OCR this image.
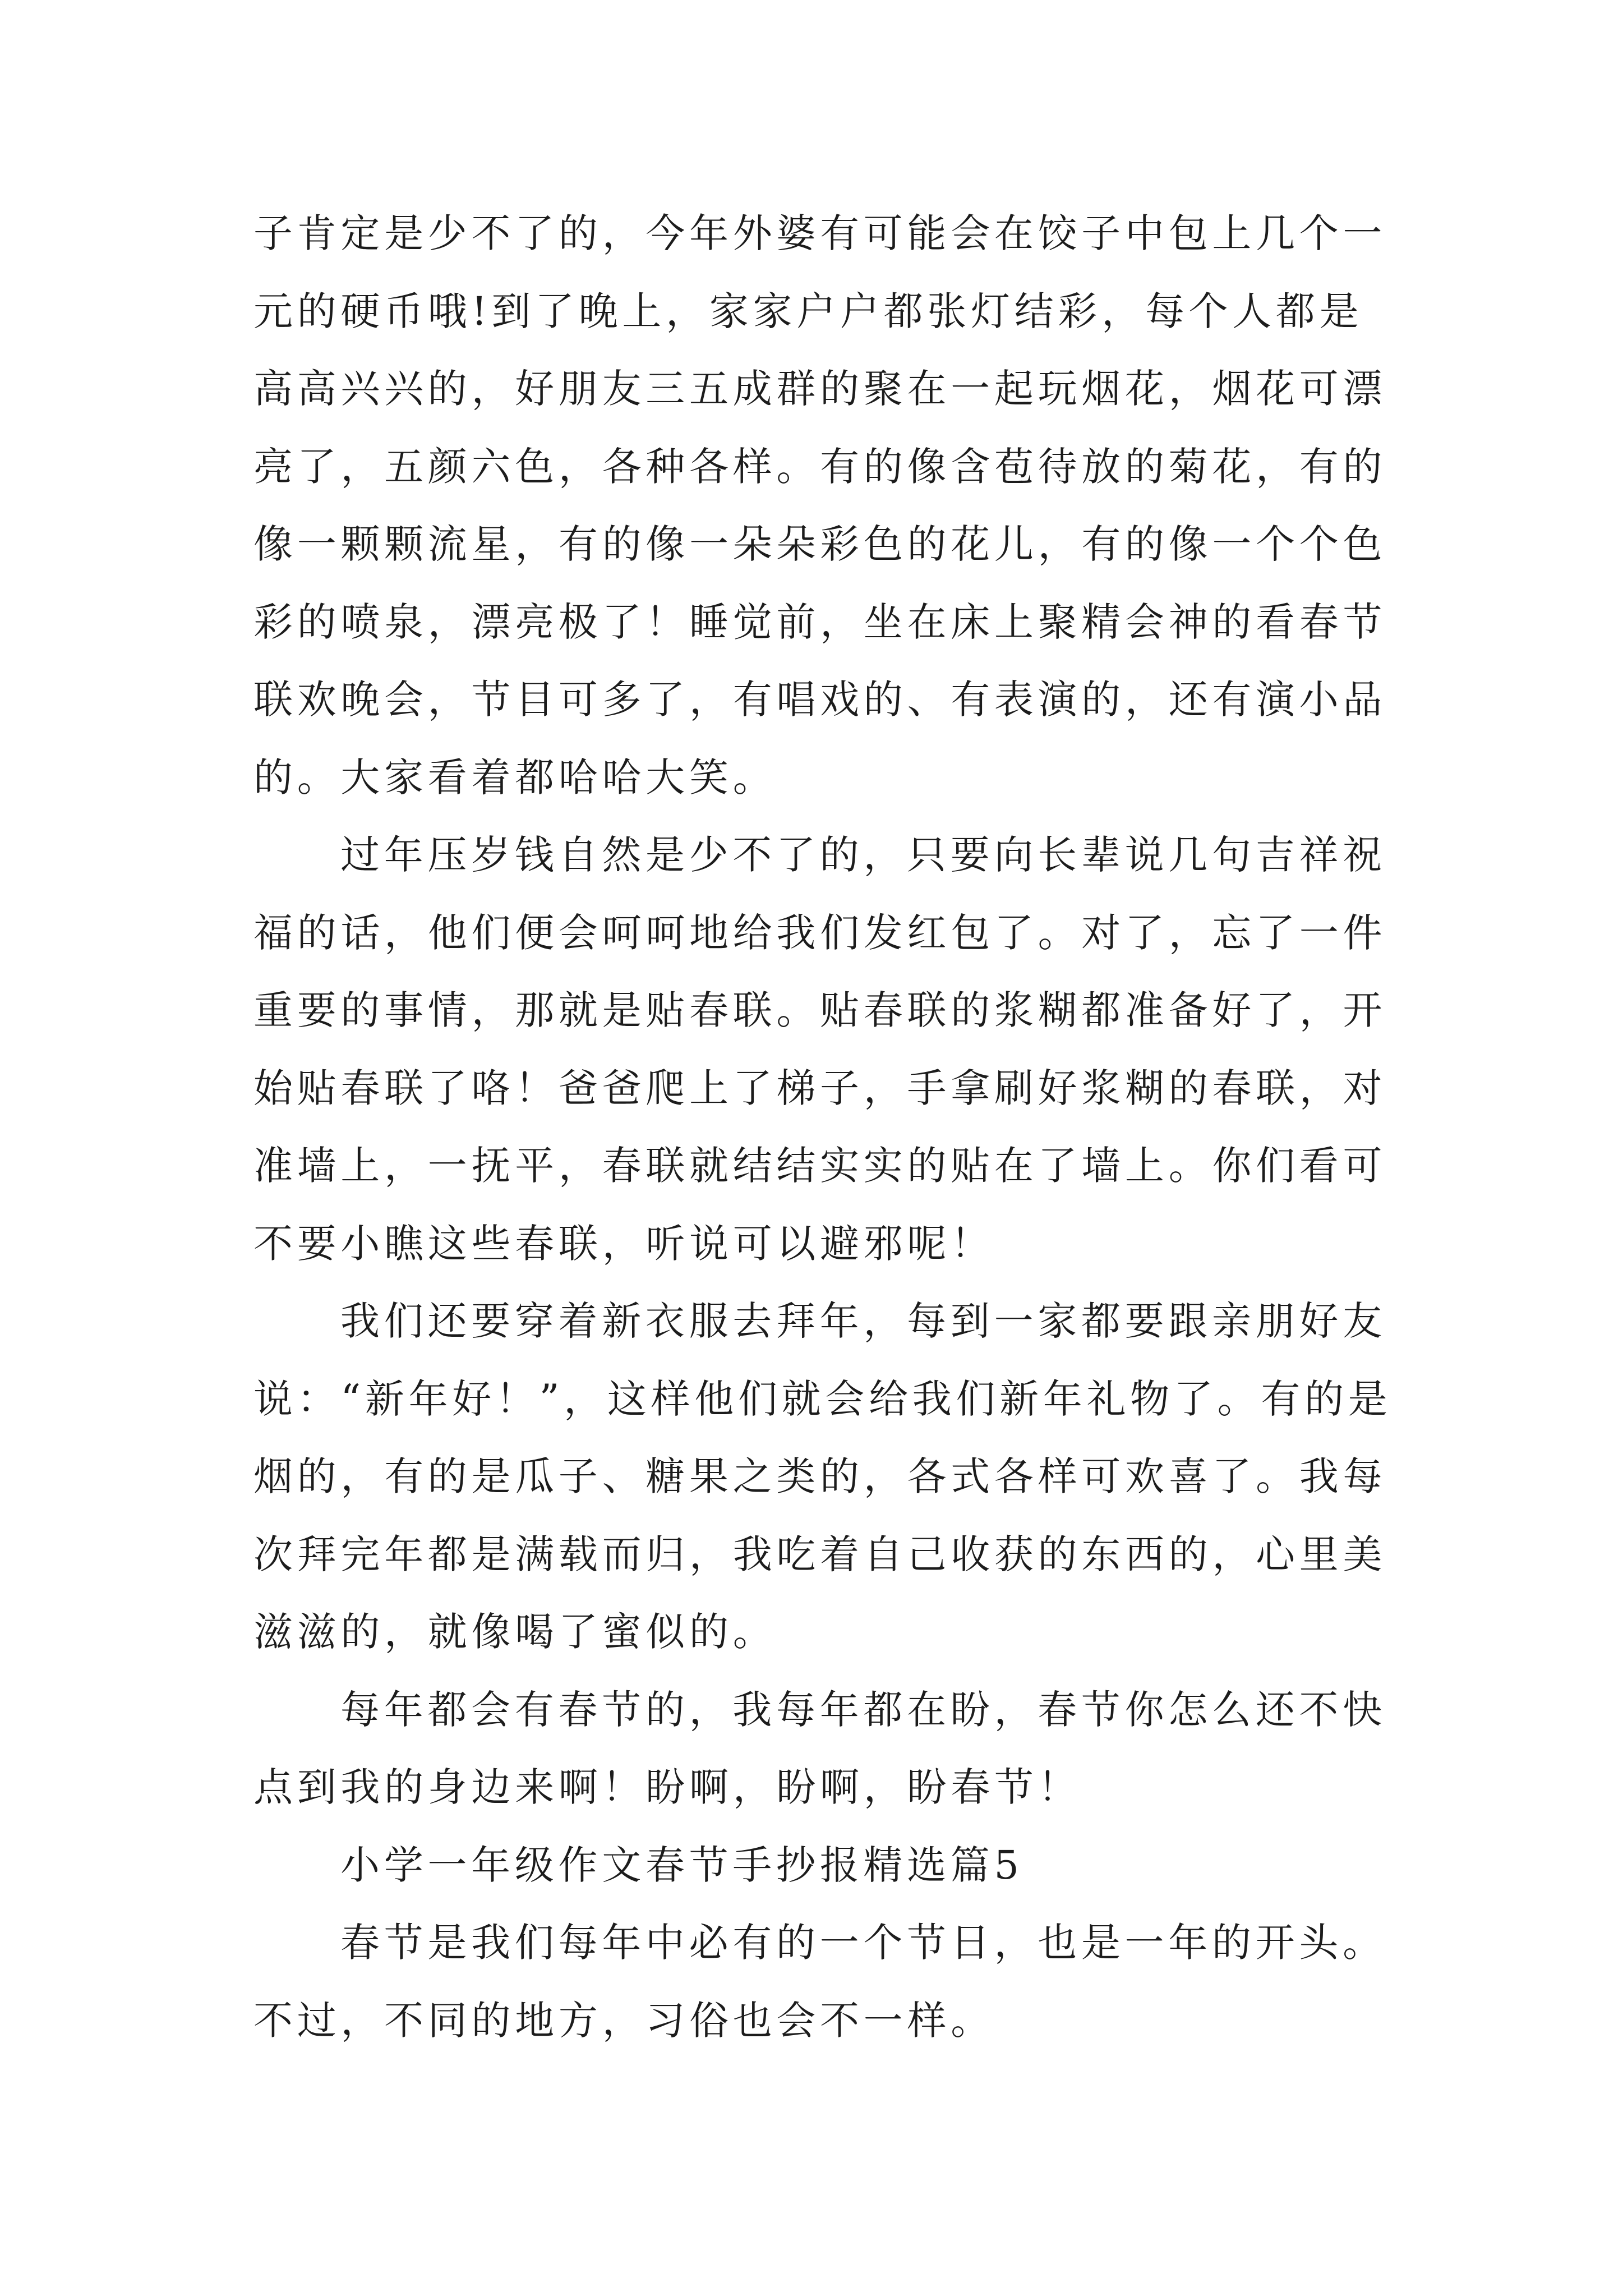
子肯定是少不了的，今年外婆有可能会在饺子中包上几个一
元的硬币哦!到了晚上，家家户户都张灯结彩，每个人都是
高高兴兴的，好朋友三五成群的聚在一起玩烟花，烟花可漂
亮了，五颜六色，各种各样。有的像含苞待放的菊花，有的
像一颗颗流星，有的像一朵朵彩色的花儿，有的像一个个色
彩的喷泉，漂亮极了！睡觉前，坐在床上聚精会神的看春节
联欢晚会，节目可多了，有唱戏的、有表演的，还有演小品
的。大家看着都哈哈大笑。
过年压岁钱自然是少不了的，只要向长辈说几句吉祥祝
福的话，他们便会呵呵地给我们发红包了。对了，忘了一件
重要的事情，那就是贴春联。贴春联的浆糊都准备好了，开
始贴春联了咯！爸爸爬上了梯子，手拿刷好浆糊的春联，对
准墙上，一抚平，春联就结结实实的贴在了墙上。你们看可
不要小瞧这些春联，听说可以避邪呢！
我们还要穿着新衣服去拜年，每到一家都要跟亲朋好友
说：“新年好！”，这样他们就会给我们新年礼物了。有的是
烟的，有的是瓜子、糖果之类的，各式各样可欢喜了。我每
次拜完年都是满载而归，我吃着自己收获的东西的，心里美
滋滋的，就像喝了蜜似的。
每年都会有春节的，我每年都在盼，春节你怎么还不快
点到我的身边来啊！盼啊，盼啊，盼春节！
小学一年级作文春节手抄报精选篇5
春节是我们每年中必有的一个节日，也是一年的开头。
不过，不同的地方，习俗也会不一样。
